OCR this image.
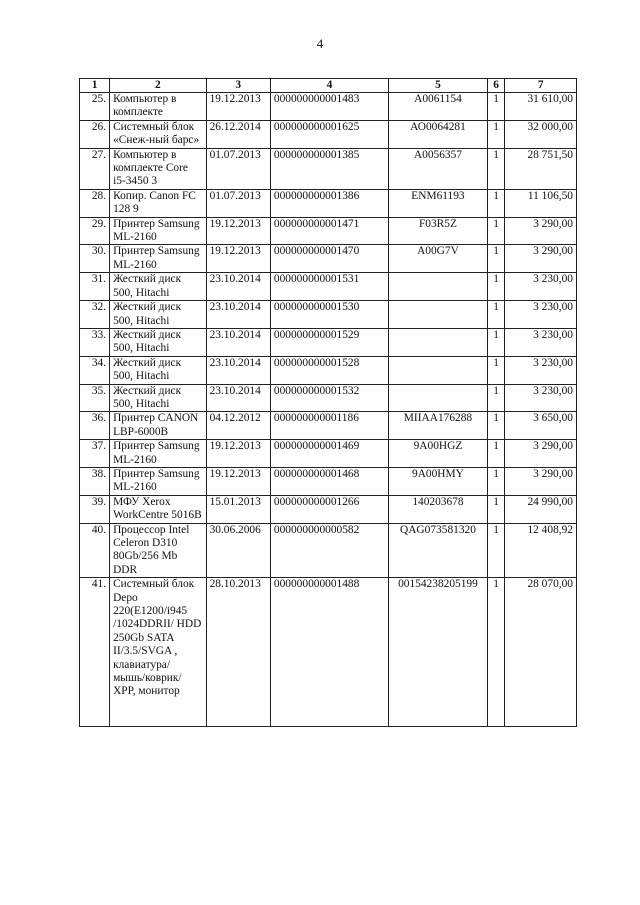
4
1	2	3	4	5	6	7
25.	Компьютер в комплекте	19.12.2013	000000000001483	А0061154	1	31 610,00
26.	Системный блок «Снеж-ный барс»	26.12.2014	000000000001625	АО0064281	1	32 000,00
27.	Компьютер в комплекте Core i5-3450 3	01.07.2013	000000000001385	А0056357	1	28 751,50
28.	Копир. Canon FC 128 9	01.07.2013	000000000001386	ENM61193	1	11 106,50
29.	Принтер Samsung ML-2160	19.12.2013	000000000001471	F03R5Z	1	3 290,00
30.	Принтер Samsung ML-2160	19.12.2013	000000000001470	A00G7V	1	3 290,00
31.	Жесткий диск 500, Hitachi	23.10.2014	000000000001531		1	3 230,00
32.	Жесткий диск 500, Hitachi	23.10.2014	000000000001530		1	3 230,00
33.	Жесткий диск 500, Hitachi	23.10.2014	000000000001529		1	3 230,00
34.	Жесткий диск 500, Hitachi	23.10.2014	000000000001528		1	3 230,00
35.	Жесткий диск 500, Hitachi	23.10.2014	000000000001532		1	3 230,00
36.	Принтер CANON LBP-6000B	04.12.2012	000000000001186	MIIAA176288	1	3 650,00
37.	Принтер Samsung ML-2160	19.12.2013	000000000001469	9A00HGZ	1	3 290,00
38.	Принтер Samsung ML-2160	19.12.2013	000000000001468	9A00HMY	1	3 290,00
39.	МФУ Xerox WorkCentre 5016B	15.01.2013	000000000001266	140203678	1	24 990,00
40.	Процессор Intel Celeron D310 80Gb/256 Mb DDR	30.06.2006	000000000000582	QAG073581320	1	12 408,92
41.	Системный блок Depo 220(E1200/i945 /1024DDRII/ HDD 250Gb SATA II/3.5/SVGA , клавиатура/ мышь/коврик/ XPP, монитор	28.10.2013	000000000001488	00154238205199	1	28 070,00
